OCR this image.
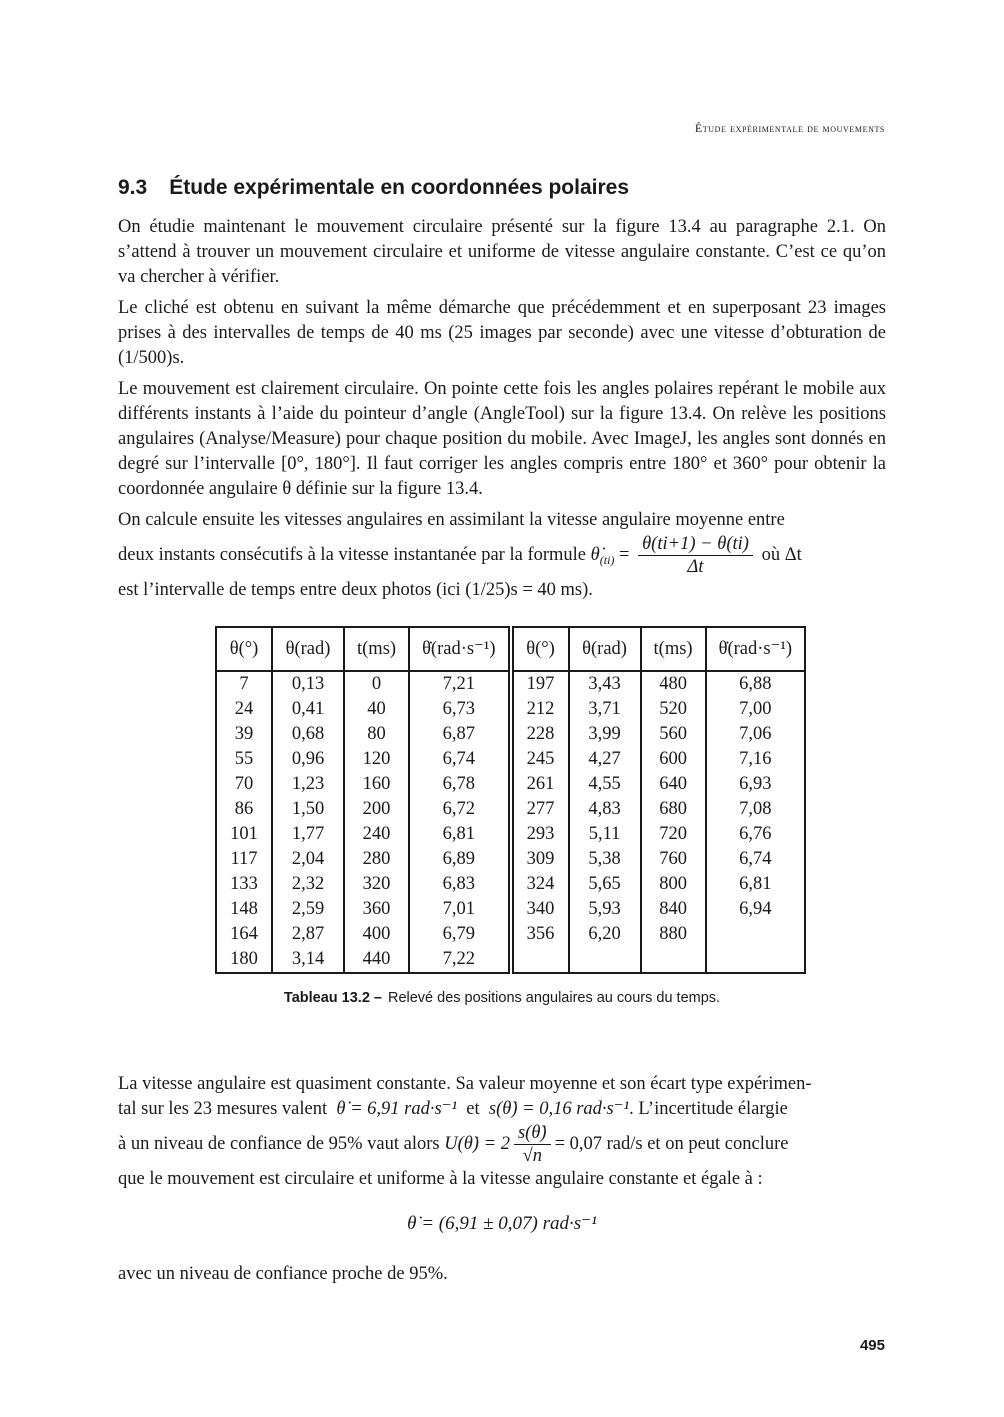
Étude expérimentale de mouvements
9.3 Étude expérimentale en coordonnées polaires

On étudie maintenant le mouvement circulaire présenté sur la figure 13.4 au paragraphe 2.1. On s’attend à trouver un mouvement circulaire et uniforme de vitesse angulaire constante. C’est ce qu’on va chercher à vérifier.

Le cliché est obtenu en suivant la même démarche que précédemment et en superposant 23 images prises à des intervalles de temps de 40 ms (25 images par seconde) avec une vitesse d’obturation de (1/500)s.

Le mouvement est clairement circulaire. On pointe cette fois les angles polaires repérant le mobile aux différents instants à l’aide du pointeur d’angle (AngleTool) sur la figure 13.4. On relève les positions angulaires (Analyse/Measure) pour chaque position du mobile. Avec ImageJ, les angles sont donnés en degré sur l’intervalle [0°, 180°]. Il faut corriger les angles compris entre 180° et 360° pour obtenir la coordonnée angulaire θ définie sur la figure 13.4.

On calcule ensuite les vitesses angulaires en assimilant la vitesse angulaire moyenne entre
deux instants consécutifs à la vitesse instantanée par la formule $\thetȧ_{(ti)} = \frac{\theta(ti+1) - \theta(ti)}{\Delta t}$ où Δt
est l’intervalle de temps entre deux photos (ici (1/25)s = 40 ms).

θ(°)	θ(rad)	t(ms)	θ̇(rad·s⁻¹)	θ(°)	θ(rad)	t(ms)	θ̇(rad·s⁻¹)
7	0,13	0	7,21	197	3,43	480	6,88
24	0,41	40	6,73	212	3,71	520	7,00
39	0,68	80	6,87	228	3,99	560	7,06
55	0,96	120	6,74	245	4,27	600	7,16
70	1,23	160	6,78	261	4,55	640	6,93
86	1,50	200	6,72	277	4,83	680	7,08
101	1,77	240	6,81	293	5,11	720	6,76
117	2,04	280	6,89	309	5,38	760	6,74
133	2,32	320	6,83	324	5,65	800	6,81
148	2,59	360	7,01	340	5,93	840	6,94
164	2,87	400	6,79	356	6,20	880	
180	3,14	440	7,22				
Tableau 13.2 – Relevé des positions angulaires au cours du temps.
La vitesse angulaire est quasiment constante. Sa valeur moyenne et son écart type expérimen-
tal sur les 23 mesures valent θ̇ = 6,91 rad·s⁻¹ et s(θ̇) = 0,16 rad·s⁻¹. L’incertitude élargie
à un niveau de confiance de 95% vaut alors U(θ̇) = $2 \frac{s(\thetȧ)}{√n} = 0,07$ rad/s et on peut conclure
que le mouvement est circulaire et uniforme à la vitesse angulaire constante et égale à :
θ̇ = (6,91 ± 0,07) rad·s⁻¹

avec un niveau de confiance proche de 95%.

495
